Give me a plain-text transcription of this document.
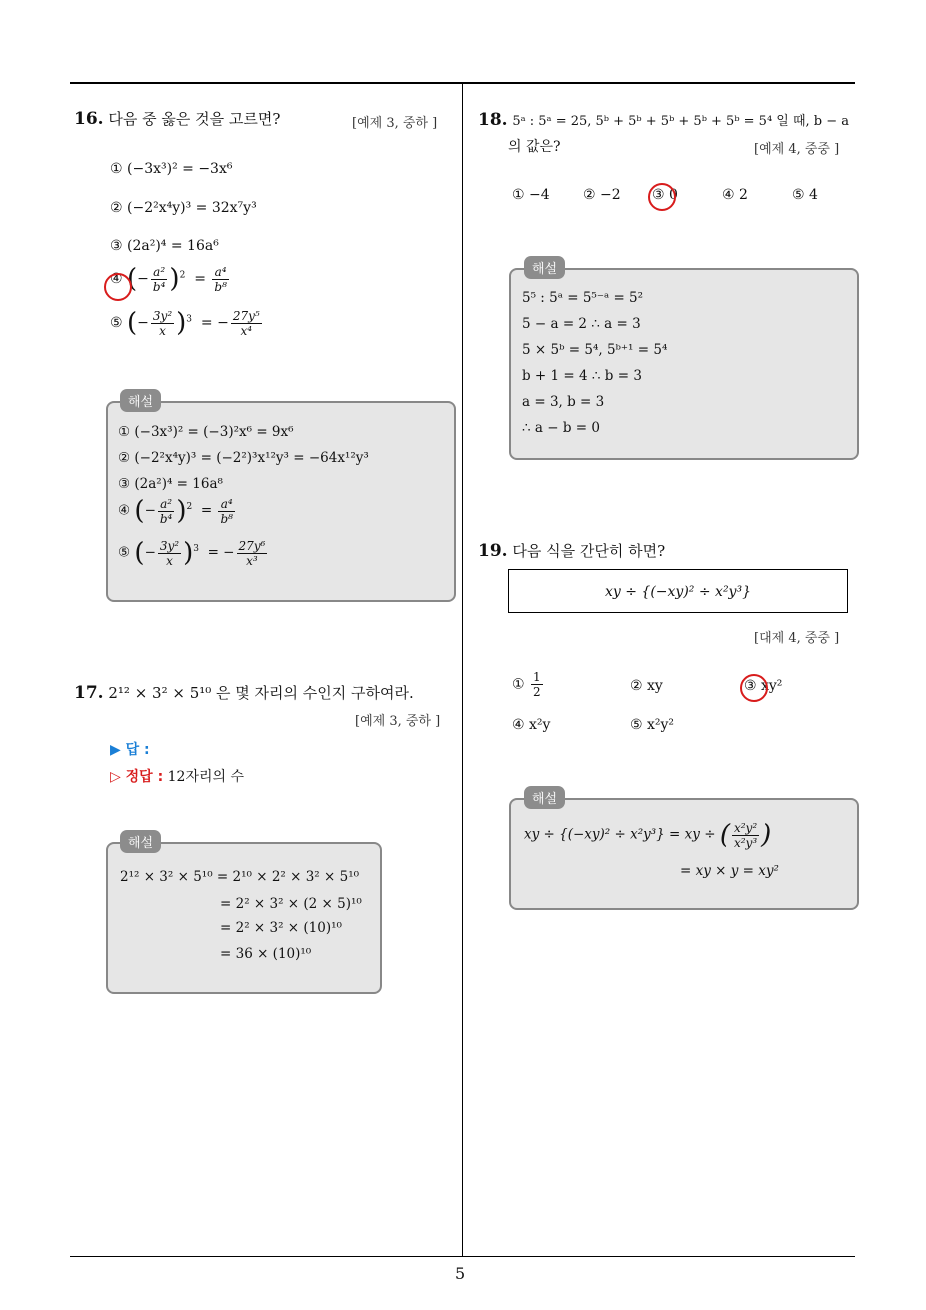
5
16. 다음 중 옳은 것을 고르면?	[예제 3, 중하 ]
① (−3x³)² = −3x⁶
② (−2²x⁴y)³ = 32x⁷y³
③ (2a²)⁴ = 16a⁶
④ (− $\frac{\text{a²}}{\text{b⁴}} )^2 = \frac{\text{a⁴}}{\text{b⁸}}$
⑤ (− $\frac{\text{3y²}}{x} )^3$  = − $\frac{\text{27y⁵}}{\text{x⁴}}$
해설
① (−3x³)² = (−3)²x⁶ = 9x⁶
② (−2²x⁴y)³ = (−2²)³x¹²y³ = −64x¹²y³
③ (2a²)⁴ = 16a⁸
④ (− $\frac{\text{a²}}{\text{b⁴}} )^2 = \frac{\text{a⁴}}{\text{b⁸}}$
⑤ (− $\frac{\text{3y²}}{x} )^3$  = − $\frac{\text{27y⁶}}{\text{x³}}$
17. 2¹² × 3² × 5¹⁰ 은 몇 자리의 수인지 구하여라.
[예제 3, 중하 ]
▶ 답 :
▷ 정답 : 12자리의 수
해설
2¹² × 3² × 5¹⁰ = 2¹⁰ × 2² × 3² × 5¹⁰
= 2² × 3² × (2 × 5)¹⁰
= 2² × 3² × (10)¹⁰
= 36 × (10)¹⁰
18. 5ᵃ : 5ᵃ = 25, 5ᵇ + 5ᵇ + 5ᵇ + 5ᵇ + 5ᵇ = 5⁴ 일 때, b − a
의 값은?	[예제 4, 중중 ]
① −4 ② −2 ③ 0	④ 2	⑤ 4
해설
5⁵ : 5ᵃ = 5⁵⁻ᵃ = 5²
5 − a = 2 ∴ a = 3
5 × 5ᵇ = 5⁴, 5ᵇ⁺¹ = 5⁴
b + 1 = 4 ∴ b = 3
a = 3, b = 3
∴ a − b = 0
19. 다음 식을 간단히 하면?
xy ÷ {(−xy)² ÷ x²y³}
[대제 4, 중중 ]
① $\frac{1}{2}$	② xy	③ xy²
④ x²y	⑤ x²y²
해설
xy ÷ {(−xy)² ÷ x²y³} = xy ÷ ( $\frac{\text{x²y²}}{\text{x²y³}}$ )
= xy × y = xy²
